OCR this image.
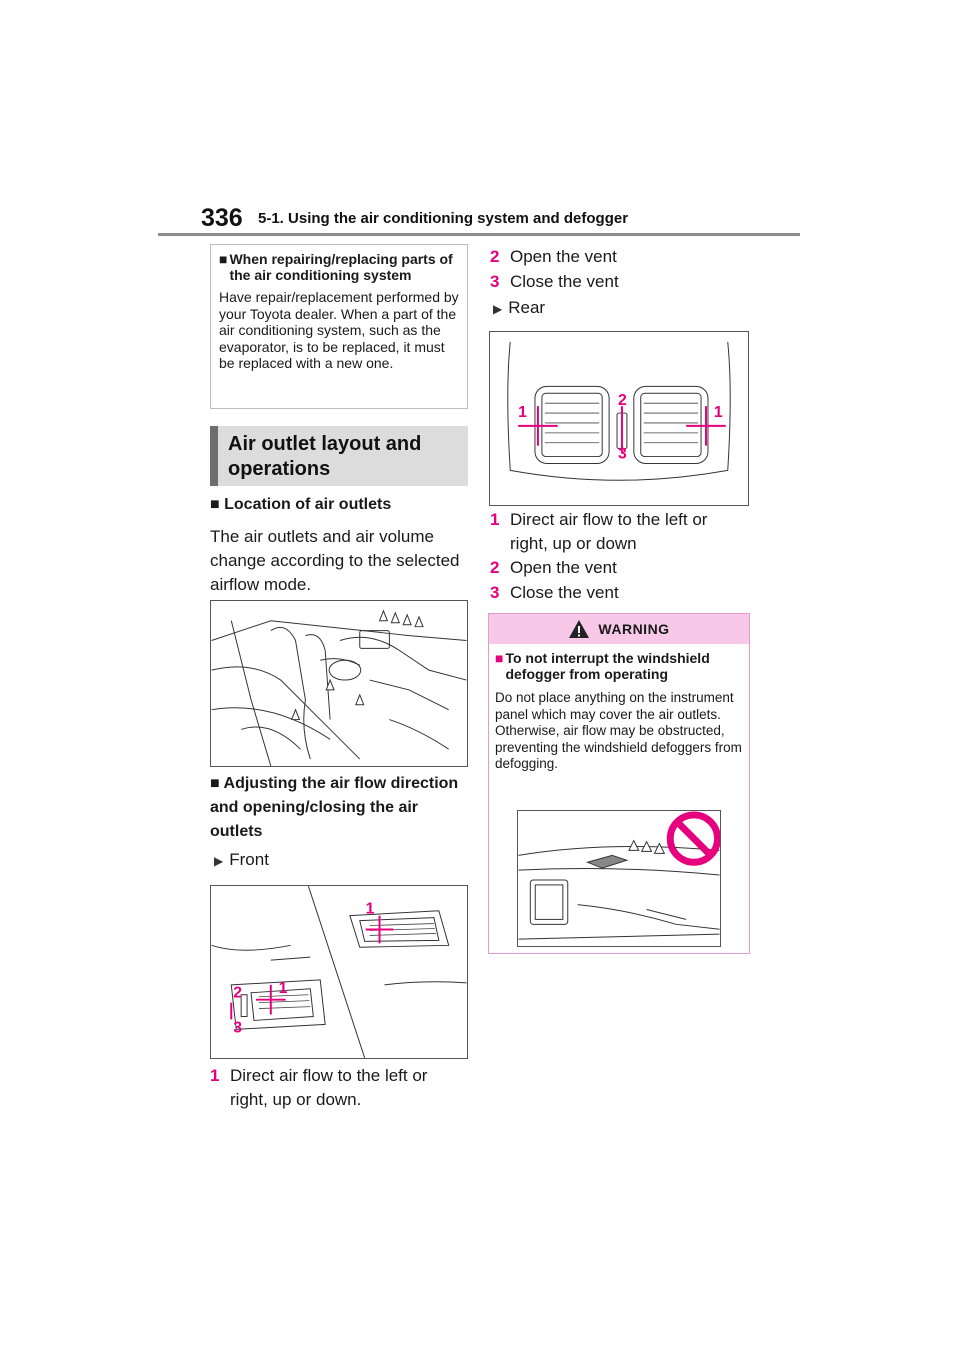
336 5-1. Using the air conditioning system and defogger
■ When repairing/replacing parts of the air conditioning system
Have repair/replacement performed by your Toyota dealer. When a part of the air conditioning system, such as the evaporator, is to be replaced, it must be replaced with a new one.
Air outlet layout and operations
■ Location of air outlets
The air outlets and air volume change according to the selected airflow mode.
■ Adjusting the air flow direction and opening/closing the air outlets
▶ Front
1
1
2
3
1 Direct air flow to the left or right, up or down.
2 Open the vent
3 Close the vent
▶ Rear
1
2
3
1
1 Direct air flow to the left or right, up or down
2 Open the vent
3 Close the vent
WARNING
■ To not interrupt the windshield defogger from operating
Do not place anything on the instrument panel which may cover the air outlets. Otherwise, air flow may be obstructed, preventing the windshield defoggers from defogging.
